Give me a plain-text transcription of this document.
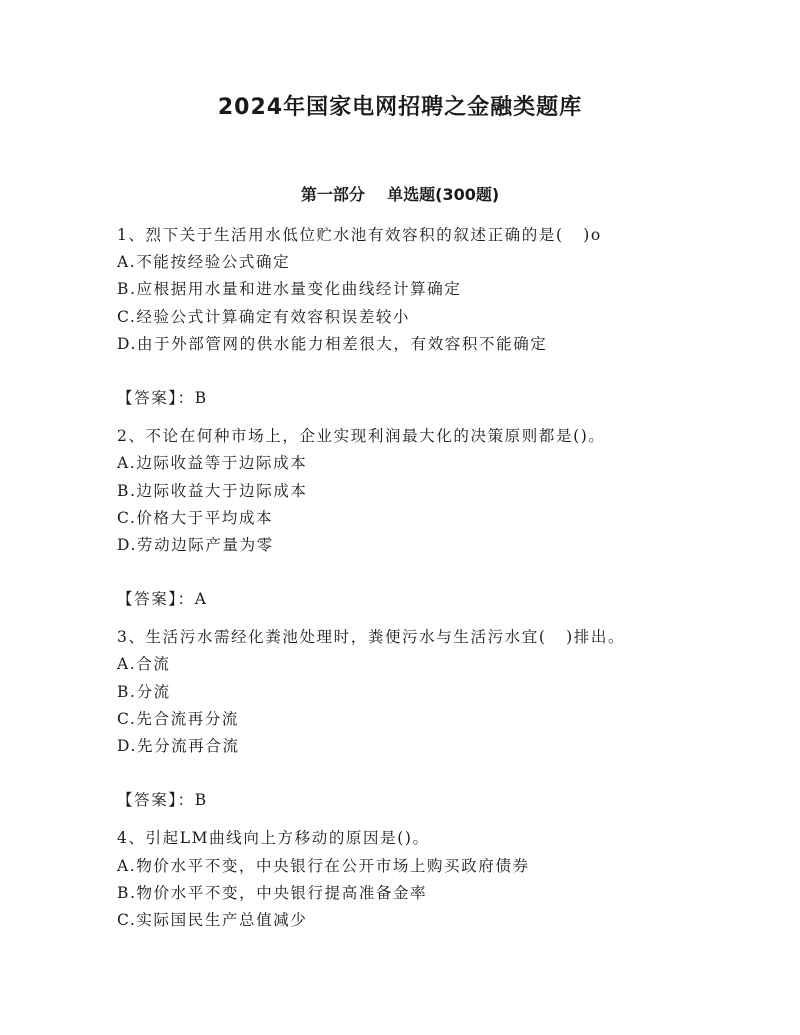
2024年国家电网招聘之金融类题库
第一部分    单选题(300题)
1、烈下关于生活用水低位贮水池有效容积的叙述正确的是(   )o
A.不能按经验公式确定
B.应根据用水量和进水量变化曲线经计算确定
C.经验公式计算确定有效容积误差较小
D.由于外部管网的供水能力相差很大，有效容积不能确定
【答案】：B
2、不论在何种市场上，企业实现利润最大化的决策原则都是()。
A.边际收益等于边际成本
B.边际收益大于边际成本
C.价格大于平均成本
D.劳动边际产量为零
【答案】：A
3、生活污水需经化粪池处理时，粪便污水与生活污水宜(   )排出。
A.合流
B.分流
C.先合流再分流
D.先分流再合流
【答案】：B
4、引起LM曲线向上方移动的原因是()。
A.物价水平不变，中央银行在公开市场上购买政府债券
B.物价水平不变，中央银行提高准备金率
C.实际国民生产总值减少
